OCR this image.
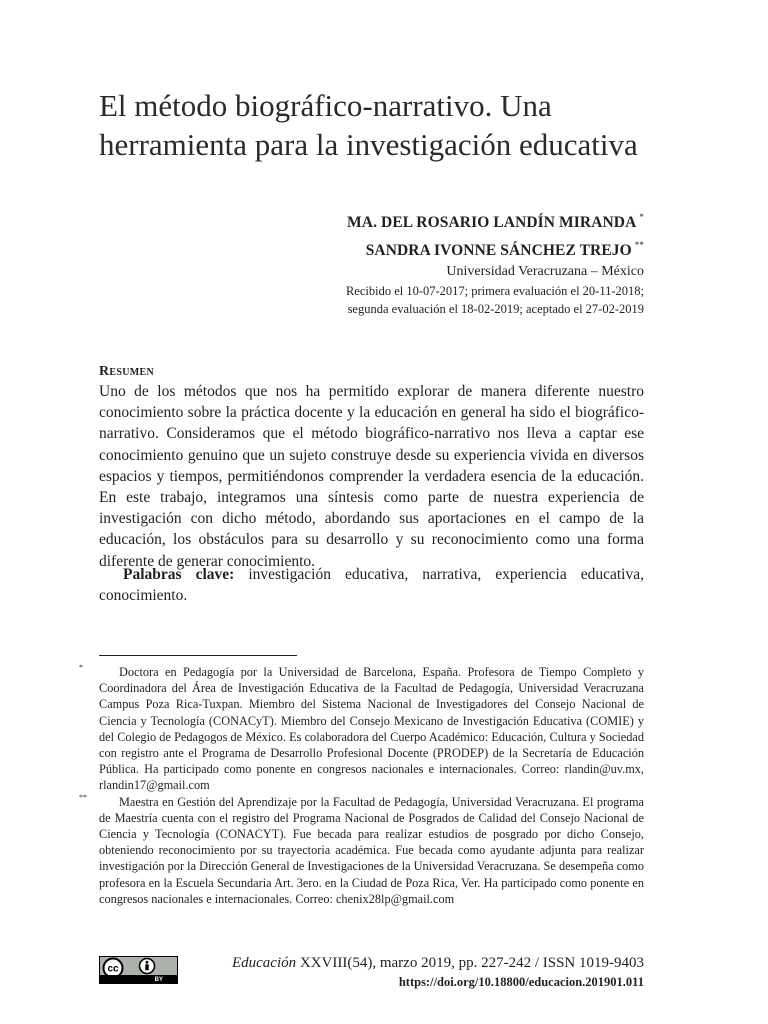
El método biográfico-narrativo. Una
herramienta para la investigación educativa
MA. DEL ROSARIO LANDÍN MIRANDA *
SANDRA IVONNE SÁNCHEZ TREJO **
Universidad Veracruzana – México
Recibido el 10-07-2017; primera evaluación el 20-11-2018;
segunda evaluación el 18-02-2019; aceptado el 27-02-2019
Resumen

Uno de los métodos que nos ha permitido explorar de manera diferente nuestro conocimiento sobre la práctica docente y la educación en general ha sido el biográfico-narrativo. Consideramos que el método biográfico-narrativo nos lleva a captar ese conocimiento genuino que un sujeto construye desde su experiencia vivida en diversos espacios y tiempos, permitiéndonos comprender la verdadera esencia de la educación. En este trabajo, integramos una síntesis como parte de nuestra experiencia de investigación con dicho método, abordando sus aportaciones en el campo de la educación, los obstáculos para su desarrollo y su reconocimiento como una forma diferente de generar conocimiento.

Palabras clave: investigación educativa, narrativa, experiencia educativa, conocimiento.

*	Doctora en Pedagogía por la Universidad de Barcelona, España. Profesora de Tiempo Completo y Coordinadora del Área de Investigación Educativa de la Facultad de Pedagogía, Universidad Veracruzana Campus Poza Rica-Tuxpan. Miembro del Sistema Nacional de Investigadores del Consejo Nacional de Ciencia y Tecnología (CONACyT). Miembro del Consejo Mexicano de Investigación Educativa (COMIE) y del Colegio de Pedagogos de México. Es colaboradora del Cuerpo Académico: Educación, Cultura y Sociedad con registro ante el Programa de Desarrollo Profesional Docente (PRODEP) de la Secretaría de Educación Pública. Ha participado como ponente en congresos nacionales e internacionales. Correo: rlandin@uv.mx, rlandin17@gmail.com

**	Maestra en Gestión del Aprendizaje por la Facultad de Pedagogía, Universidad Veracruzana. El programa de Maestría cuenta con el registro del Programa Nacional de Posgrados de Calidad del Consejo Nacional de Ciencia y Tecnología (CONACYT). Fue becada para realizar estudios de posgrado por dicho Consejo, obteniendo reconocimiento por su trayectoria académica. Fue becada como ayudante adjunta para realizar investigación por la Dirección General de Investigaciones de la Universidad Veracruzana. Se desempeña como profesora en la Escuela Secundaria Art. 3ero. en la Ciudad de Poza Rica, Ver. Ha participado como ponente en congresos nacionales e internacionales. Correo: chenix28lp@gmail.com

cc
BY
Educación XXVIII(54), marzo 2019, pp. 227-242 / ISSN 1019-9403
https://doi.org/10.18800/educacion.201901.011
